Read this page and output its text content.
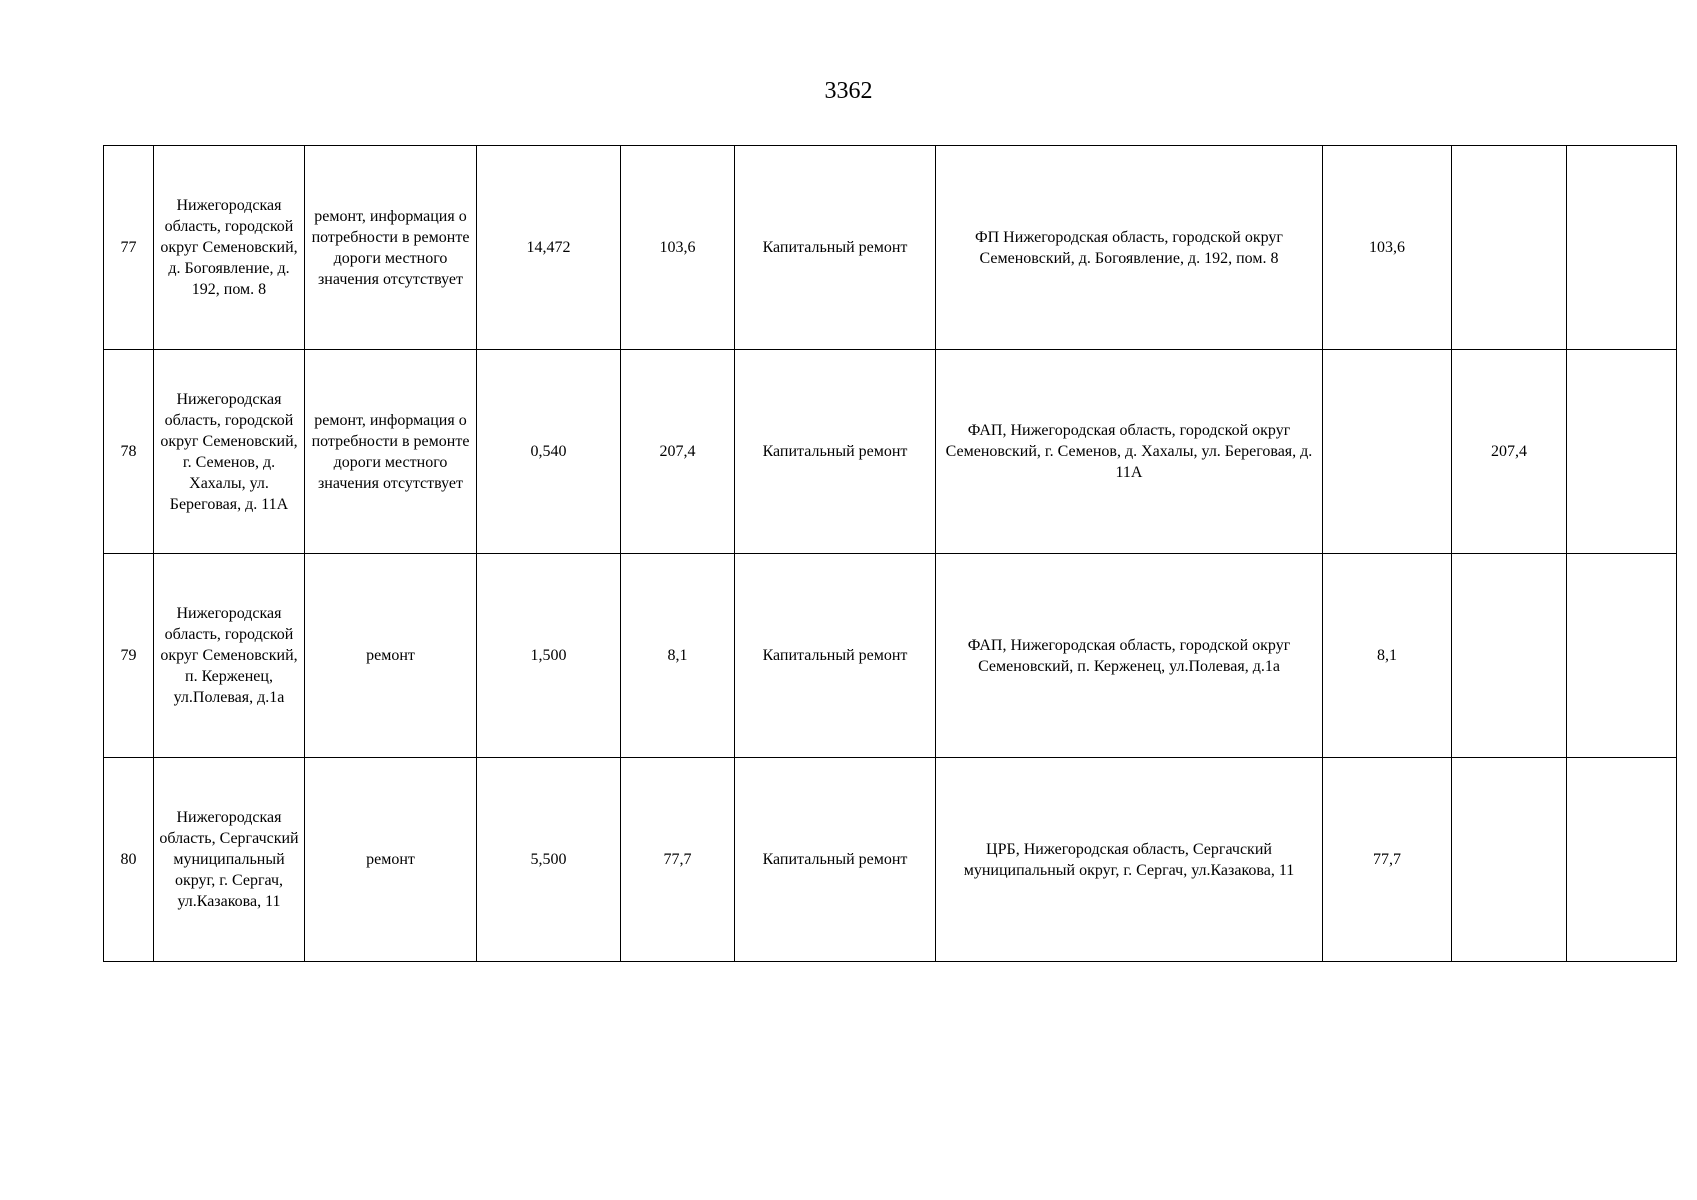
3362
77	Нижегородская область, городской округ Семеновский, д. Богоявление, д. 192, пом. 8	ремонт, информация о потребности в ремонте дороги местного значения отсутствует	14,472	103,6	Капитальный ремонт	ФП Нижегородская область, городской округ Семеновский, д. Богоявление, д. 192, пом. 8	103,6		
78	Нижегородская область, городской округ Семеновский, г. Семенов, д. Хахалы, ул. Береговая, д. 11А	ремонт, информация о потребности в ремонте дороги местного значения отсутствует	0,540	207,4	Капитальный ремонт	ФАП, Нижегородская область, городской округ Семеновский, г. Семенов, д. Хахалы, ул. Береговая, д. 11А		207,4	
79	Нижегородская область, городской округ Семеновский, п. Керженец, ул.Полевая, д.1а	ремонт	1,500	8,1	Капитальный ремонт	ФАП, Нижегородская область, городской округ Семеновский, п. Керженец, ул.Полевая, д.1а	8,1		
80	Нижегородская область, Сергачский муниципальный округ, г. Сергач, ул.Казакова, 11	ремонт	5,500	77,7	Капитальный ремонт	ЦРБ, Нижегородская область, Сергачский муниципальный округ, г. Сергач, ул.Казакова, 11	77,7		
